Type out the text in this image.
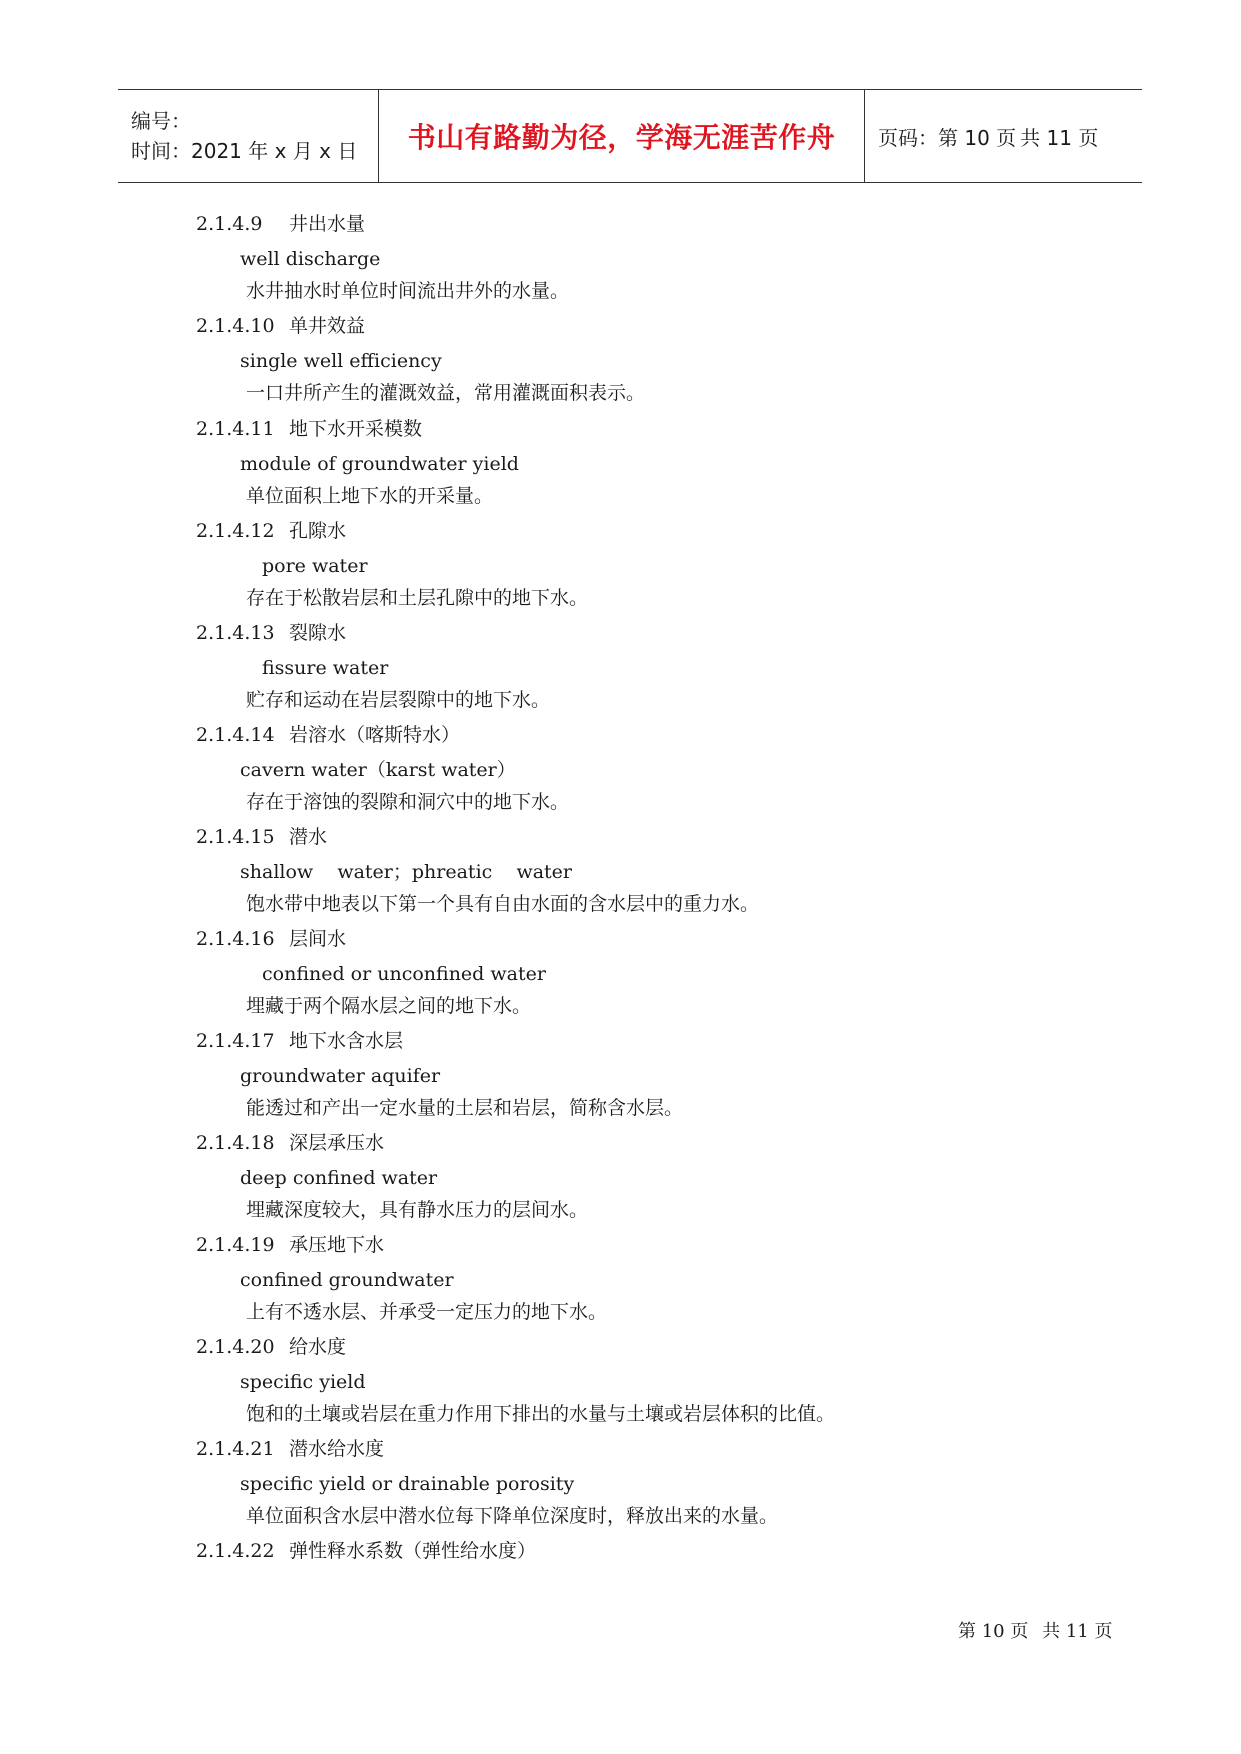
编号：
时间：2021 年 x 月 x 日	书山有路勤为径，学海无涯苦作舟	页码：第 10 页 共 11 页
2.1.4.9 井出水量
well discharge
水井抽水时单位时间流出井外的水量。
2.1.4.10 单井效益
single well efficiency
一口井所产生的灌溉效益，常用灌溉面积表示。
2.1.4.11 地下水开采模数
module of groundwater yield
单位面积上地下水的开采量。
2.1.4.12 孔隙水
pore water
存在于松散岩层和土层孔隙中的地下水。
2.1.4.13 裂隙水
fissure water
贮存和运动在岩层裂隙中的地下水。
2.1.4.14 岩溶水（喀斯特水）
cavern water（karst water）
存在于溶蚀的裂隙和洞穴中的地下水。
2.1.4.15 潜水
shallow    water；phreatic    water
饱水带中地表以下第一个具有自由水面的含水层中的重力水。
2.1.4.16 层间水
confined or unconfined water
埋藏于两个隔水层之间的地下水。
2.1.4.17 地下水含水层
groundwater aquifer
能透过和产出一定水量的土层和岩层，简称含水层。
2.1.4.18 深层承压水
deep confined water
埋藏深度较大，具有静水压力的层间水。
2.1.4.19 承压地下水
confined groundwater
上有不透水层、并承受一定压力的地下水。
2.1.4.20 给水度
specific yield
饱和的土壤或岩层在重力作用下排出的水量与土壤或岩层体积的比值。
2.1.4.21 潜水给水度
specific yield or drainable porosity
单位面积含水层中潜水位每下降单位深度时，释放出来的水量。
2.1.4.22 弹性释水系数（弹性给水度）
第 10 页 共 11 页
